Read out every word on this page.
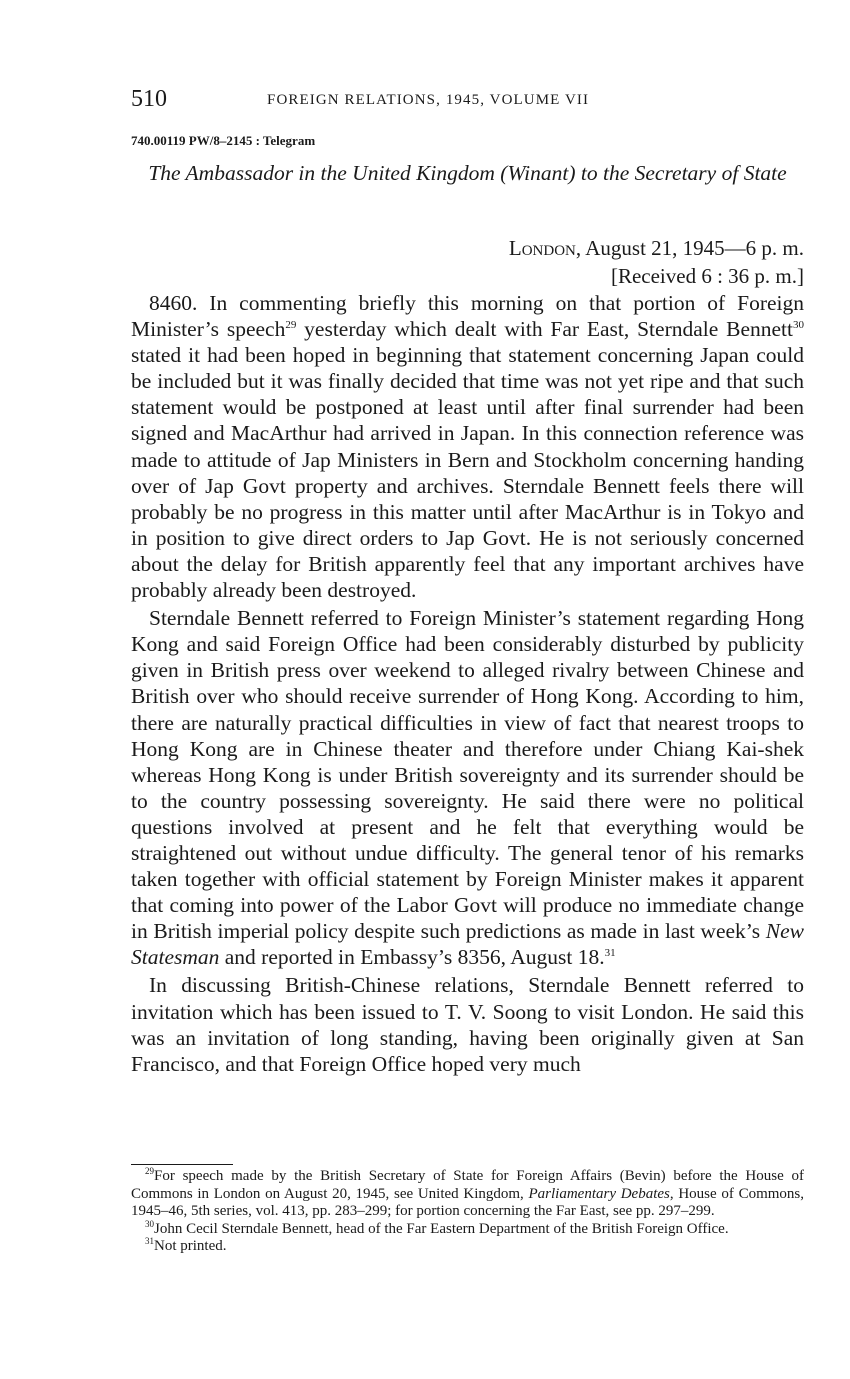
510	FOREIGN RELATIONS, 1945, VOLUME VII
740.00119 PW/8–2145 : Telegram
The Ambassador in the United Kingdom (Winant) to the Secretary of State
London, August 21, 1945—6 p. m.
[Received 6 : 36 p. m.]

8460. In commenting briefly this morning on that portion of Foreign Minister’s speech$^{29}$ yesterday which dealt with Far East, Sterndale Bennett$^{30}$ stated it had been hoped in beginning that statement concerning Japan could be included but it was finally decided that time was not yet ripe and that such statement would be postponed at least until after final surrender had been signed and MacArthur had arrived in Japan. In this connection reference was made to attitude of Jap Ministers in Bern and Stockholm concerning handing over of Jap Govt property and archives. Sterndale Bennett feels there will probably be no progress in this matter until after MacArthur is in Tokyo and in position to give direct orders to Jap Govt. He is not seriously concerned about the delay for British apparently feel that any important archives have probably already been destroyed.

Sterndale Bennett referred to Foreign Minister’s statement regarding Hong Kong and said Foreign Office had been considerably disturbed by publicity given in British press over weekend to alleged rivalry between Chinese and British over who should receive surrender of Hong Kong. According to him, there are naturally practical difficulties in view of fact that nearest troops to Hong Kong are in Chinese theater and therefore under Chiang Kai-shek whereas Hong Kong is under British sovereignty and its surrender should be to the country possessing sovereignty. He said there were no political questions involved at present and he felt that everything would be straightened out without undue difficulty. The general tenor of his remarks taken together with official statement by Foreign Minister makes it apparent that coming into power of the Labor Govt will produce no immediate change in British imperial policy despite such predictions as made in last week’s New Statesman and reported in Embassy’s 8356, August 18.31

In discussing British-Chinese relations, Sterndale Bennett referred to invitation which has been issued to T. V. Soong to visit London. He said this was an invitation of long standing, having been originally given at San Francisco, and that Foreign Office hoped very much

$^{29}$For speech made by the British Secretary of State for Foreign Affairs (Bevin) before the House of Commons in London on August 20, 1945, see United Kingdom, Parliamentary Debates, House of Commons, 1945–46, 5th series, vol. 413, pp. 283–299; for portion concerning the Far East, see pp. 297–299.

$^{30}$John Cecil Sterndale Bennett, head of the Far Eastern Department of the British Foreign Office.

$^{31}$Not printed.
